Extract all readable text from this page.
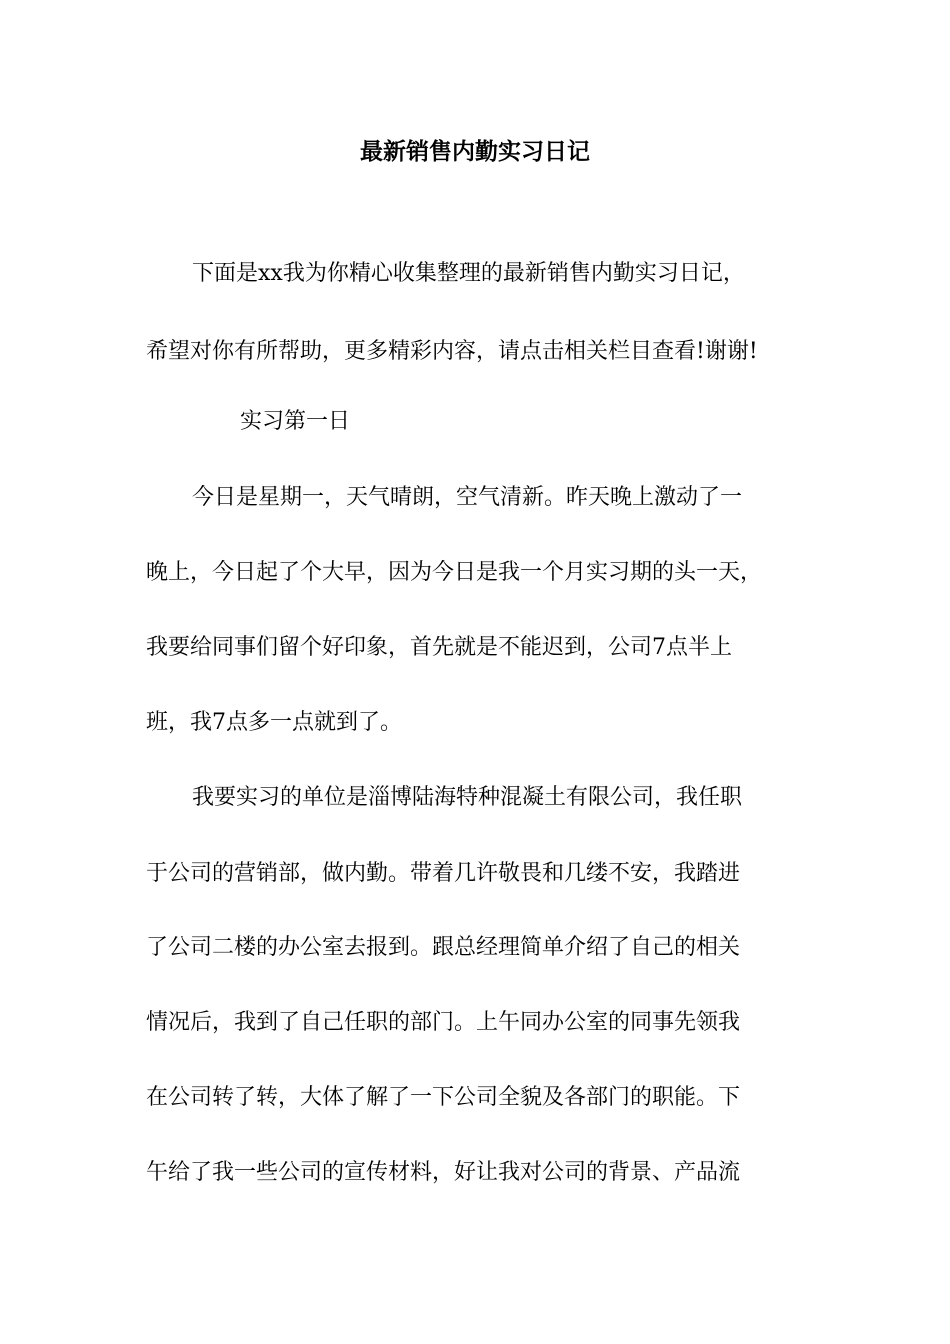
最新销售内勤实习日记
下面是xx我为你精心收集整理的最新销售内勤实习日记，
希望对你有所帮助，更多精彩内容，请点击相关栏目查看!谢谢!
实习第一日
今日是星期一，天气晴朗，空气清新。昨天晚上激动了一
晚上，今日起了个大早，因为今日是我一个月实习期的头一天，
我要给同事们留个好印象，首先就是不能迟到，公司7点半上
班，我7点多一点就到了。
我要实习的单位是淄博陆海特种混凝土有限公司，我任职
于公司的营销部，做内勤。带着几许敬畏和几缕不安，我踏进
了公司二楼的办公室去报到。跟总经理简单介绍了自己的相关
情况后，我到了自己任职的部门。上午同办公室的同事先领我
在公司转了转，大体了解了一下公司全貌及各部门的职能。下
午给了我一些公司的宣传材料，好让我对公司的背景、产品流
